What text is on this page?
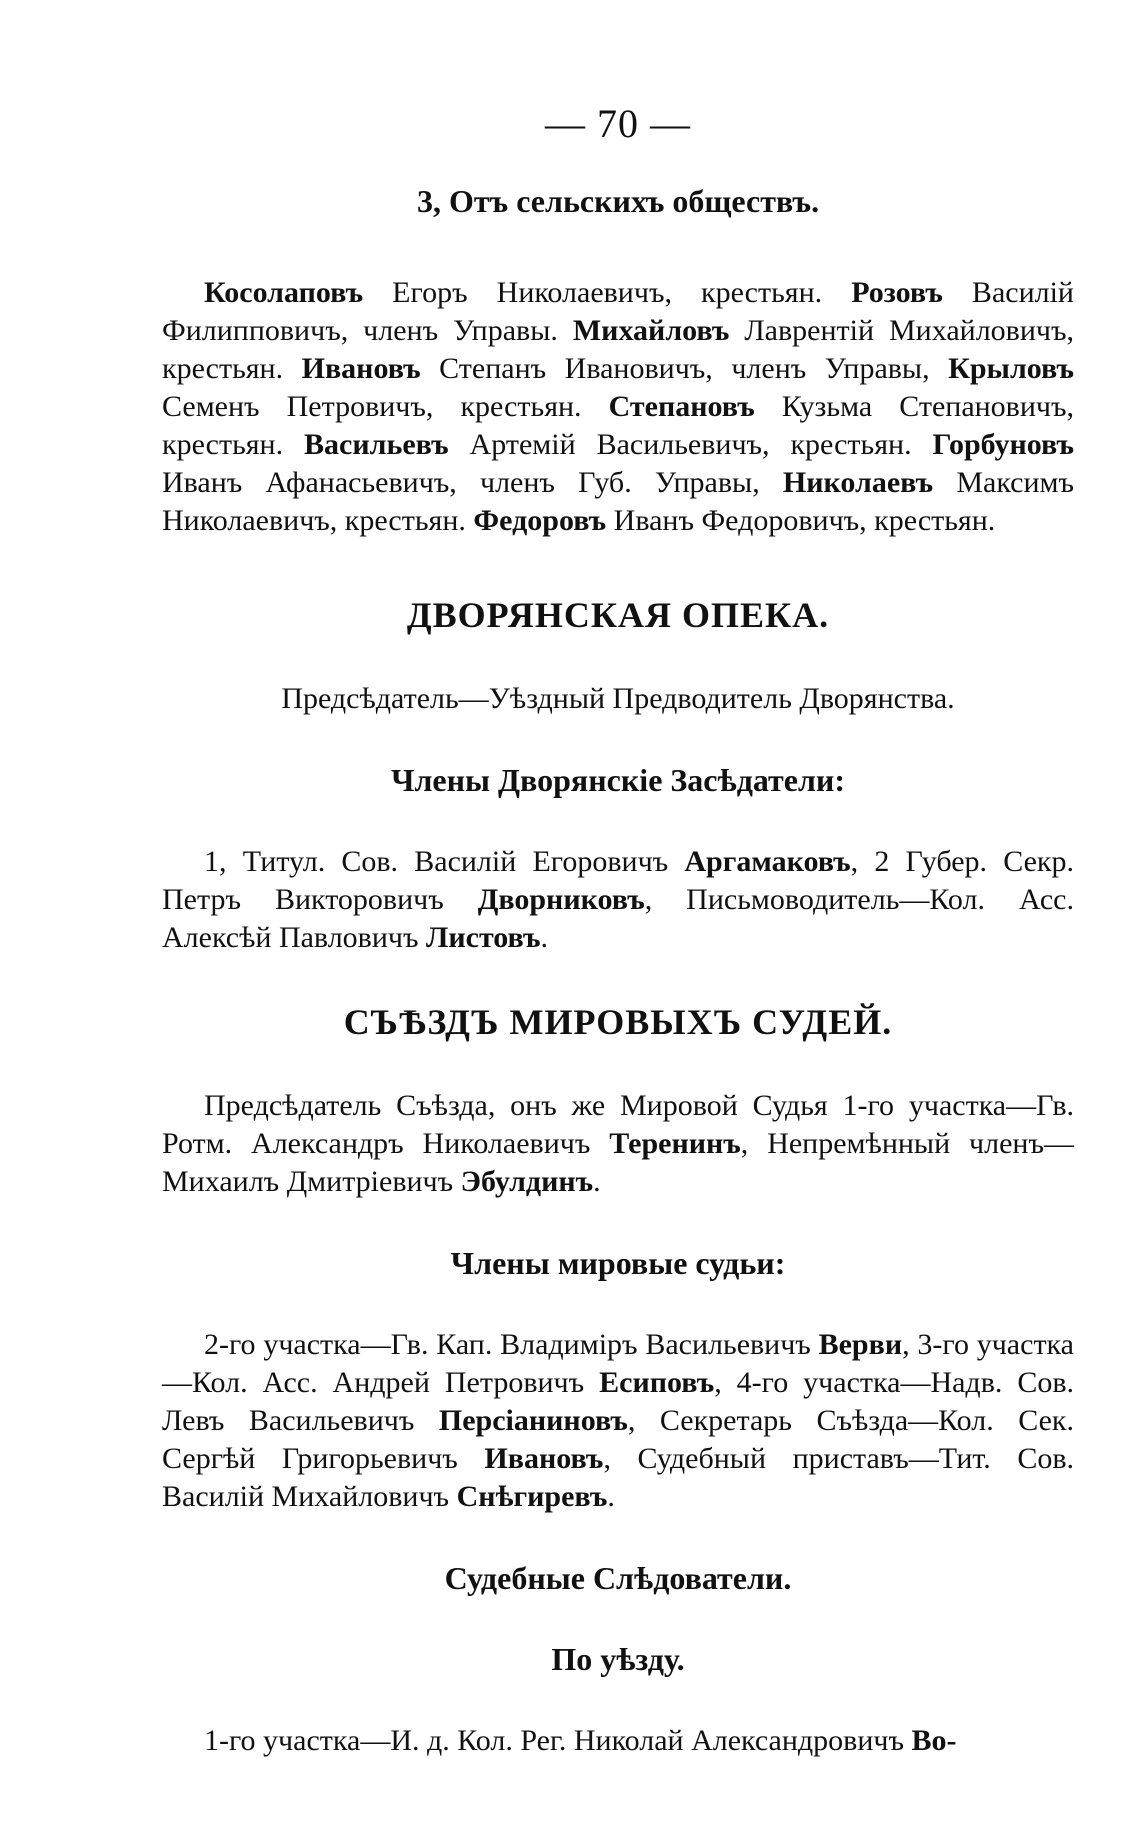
— 70 —
3, Отъ сельскихъ обществъ.

Косолаповъ Егоръ Николаевичъ, крестьян. Розовъ Василій Филипповичъ, членъ Управы. Михайловъ Лаврентій Михайловичъ, крестьян. Ивановъ Степанъ Ивановичъ, членъ Управы, Крыловъ Семенъ Петровичъ, крестьян. Степановъ Кузьма Степановичъ, крестьян. Васильевъ Артемій Васильевичъ, крестьян. Горбуновъ Иванъ Афанасьевичъ, членъ Губ. Управы, Николаевъ Максимъ Николаевичъ, крестьян. Федоровъ Иванъ Федоровичъ, крестьян.

ДВОРЯНСКАЯ ОПЕКА.

Предсѣдатель—Уѣздный Предводитель Дворянства.

Члены Дворянскіе Засѣдатели:

1, Титул. Сов. Василій Егоровичъ Аргамаковъ, 2 Губер. Секр. Петръ Викторовичъ Дворниковъ, Письмоводитель—Кол. Асс. Алексѣй Павловичъ Листовъ.

СЪѢЗДЪ МИРОВЫХЪ СУДЕЙ.

Предсѣдатель Съѣзда, онъ же Мировой Судья 1-го участка—Гв. Ротм. Александръ Николаевичъ Теренинъ, Непремѣнный членъ—Михаилъ Дмитріевичъ Эбулдинъ.

Члены мировые судьи:

2-го участка—Гв. Кап. Владиміръ Васильевичъ Верви, 3-го участка—Кол. Асс. Андрей Петровичъ Есиповъ, 4-го участка—Надв. Сов. Левъ Васильевичъ Персіаниновъ, Секретарь Съѣзда—Кол. Сек. Сергѣй Григорьевичъ Ивановъ, Судебный приставъ—Тит. Сов. Василій Михайловичъ Снѣгиревъ.

Судебные Слѣдователи.
По уѣзду.

1-го участка—И. д. Кол. Рег. Николай Александровичъ Во-
